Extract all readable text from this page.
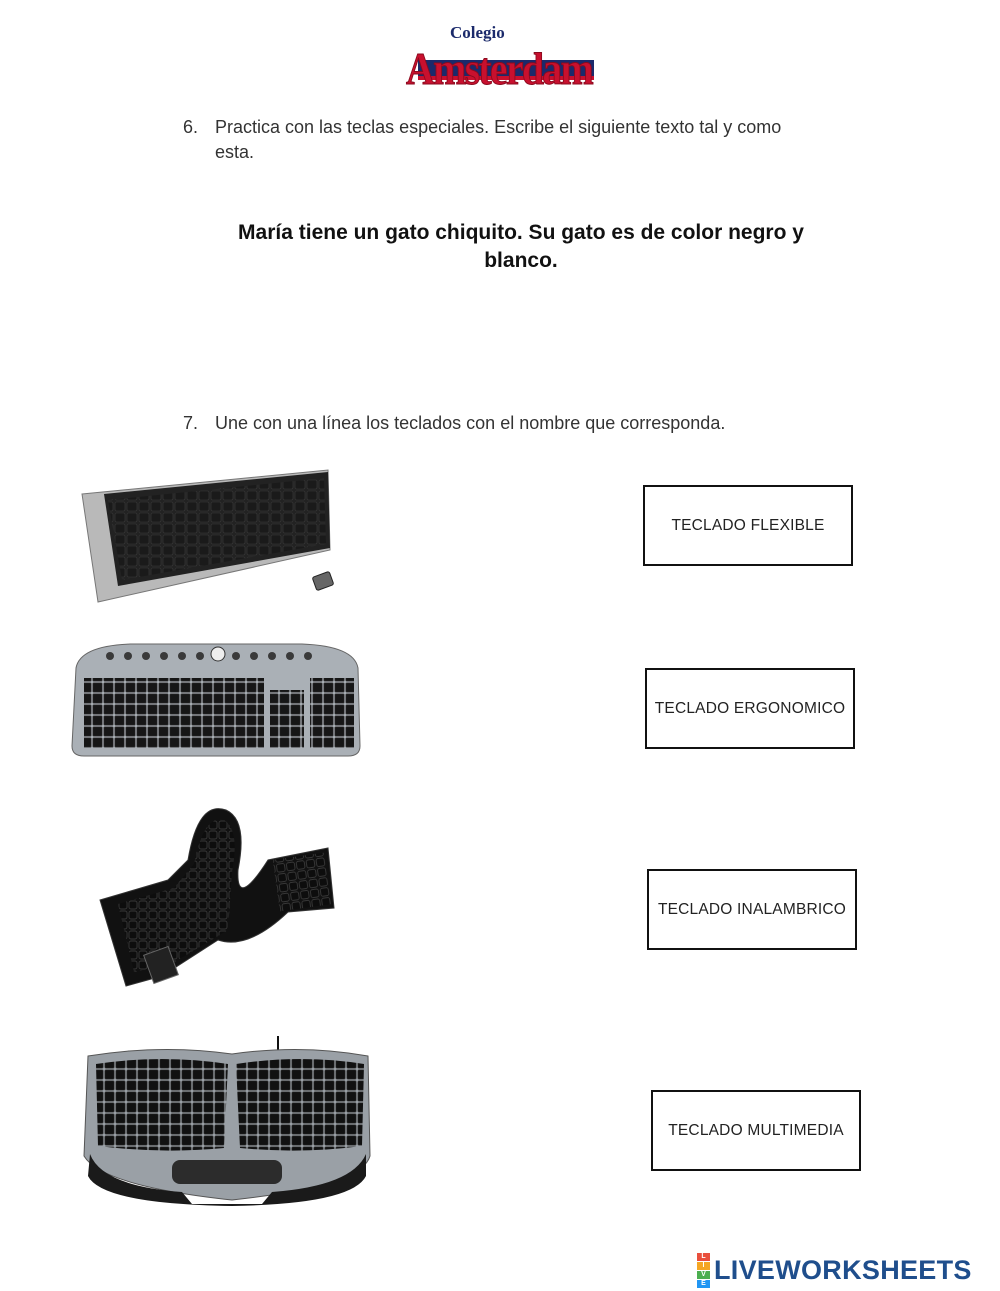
Colegio
Amsterdam
6. Practica con las teclas especiales. Escribe el siguiente texto tal y como
esta.
María tiene un gato chiquito. Su gato es de color negro y
blanco.
7. Une con una línea los teclados con el nombre que corresponda.
TECLADO FLEXIBLE
TECLADO ERGONOMICO
TECLADO INALAMBRICO
TECLADO MULTIMEDIA
L
I
V
E LIVEWORKSHEETS
